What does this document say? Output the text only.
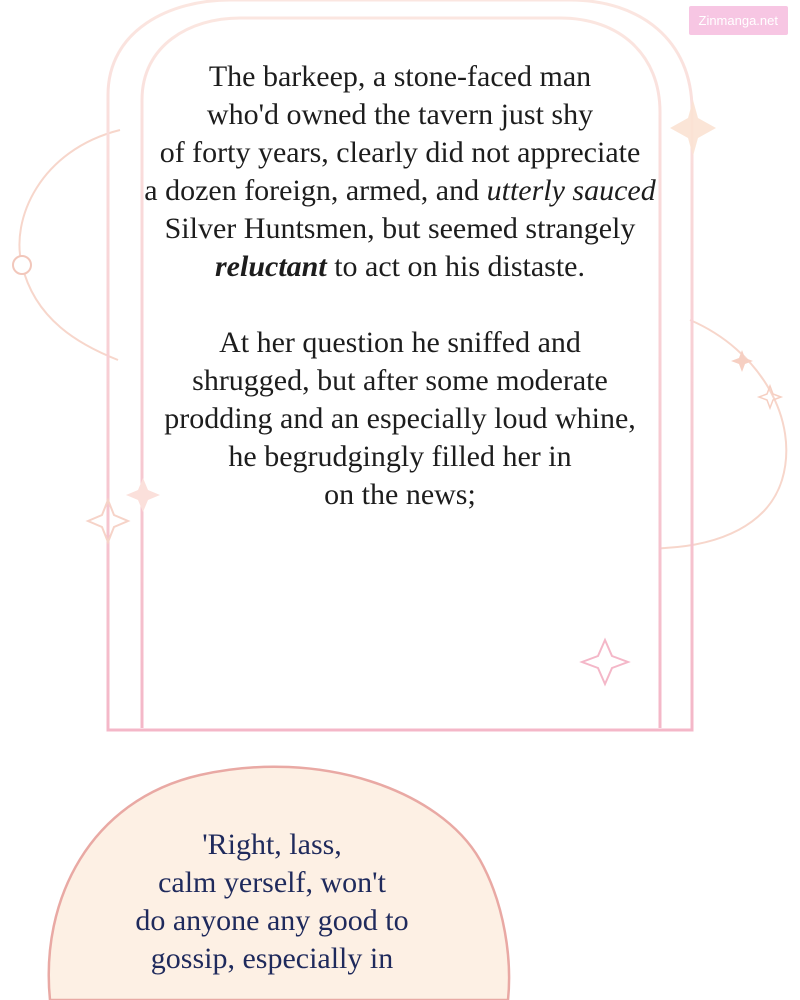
Zinmanga.net

The barkeep, a stone-faced man
who'd owned the tavern just shy
of forty years, clearly did not appreciate
a dozen foreign, armed, and utterly sauced
Silver Huntsmen, but seemed strangely
reluctant to act on his distaste.

At her question he sniffed and
shrugged, but after some moderate
prodding and an especially loud whine,
he begrudgingly filled her in
on the news;

'Right, lass,
calm yerself, won't
do anyone any good to
gossip, especially in
